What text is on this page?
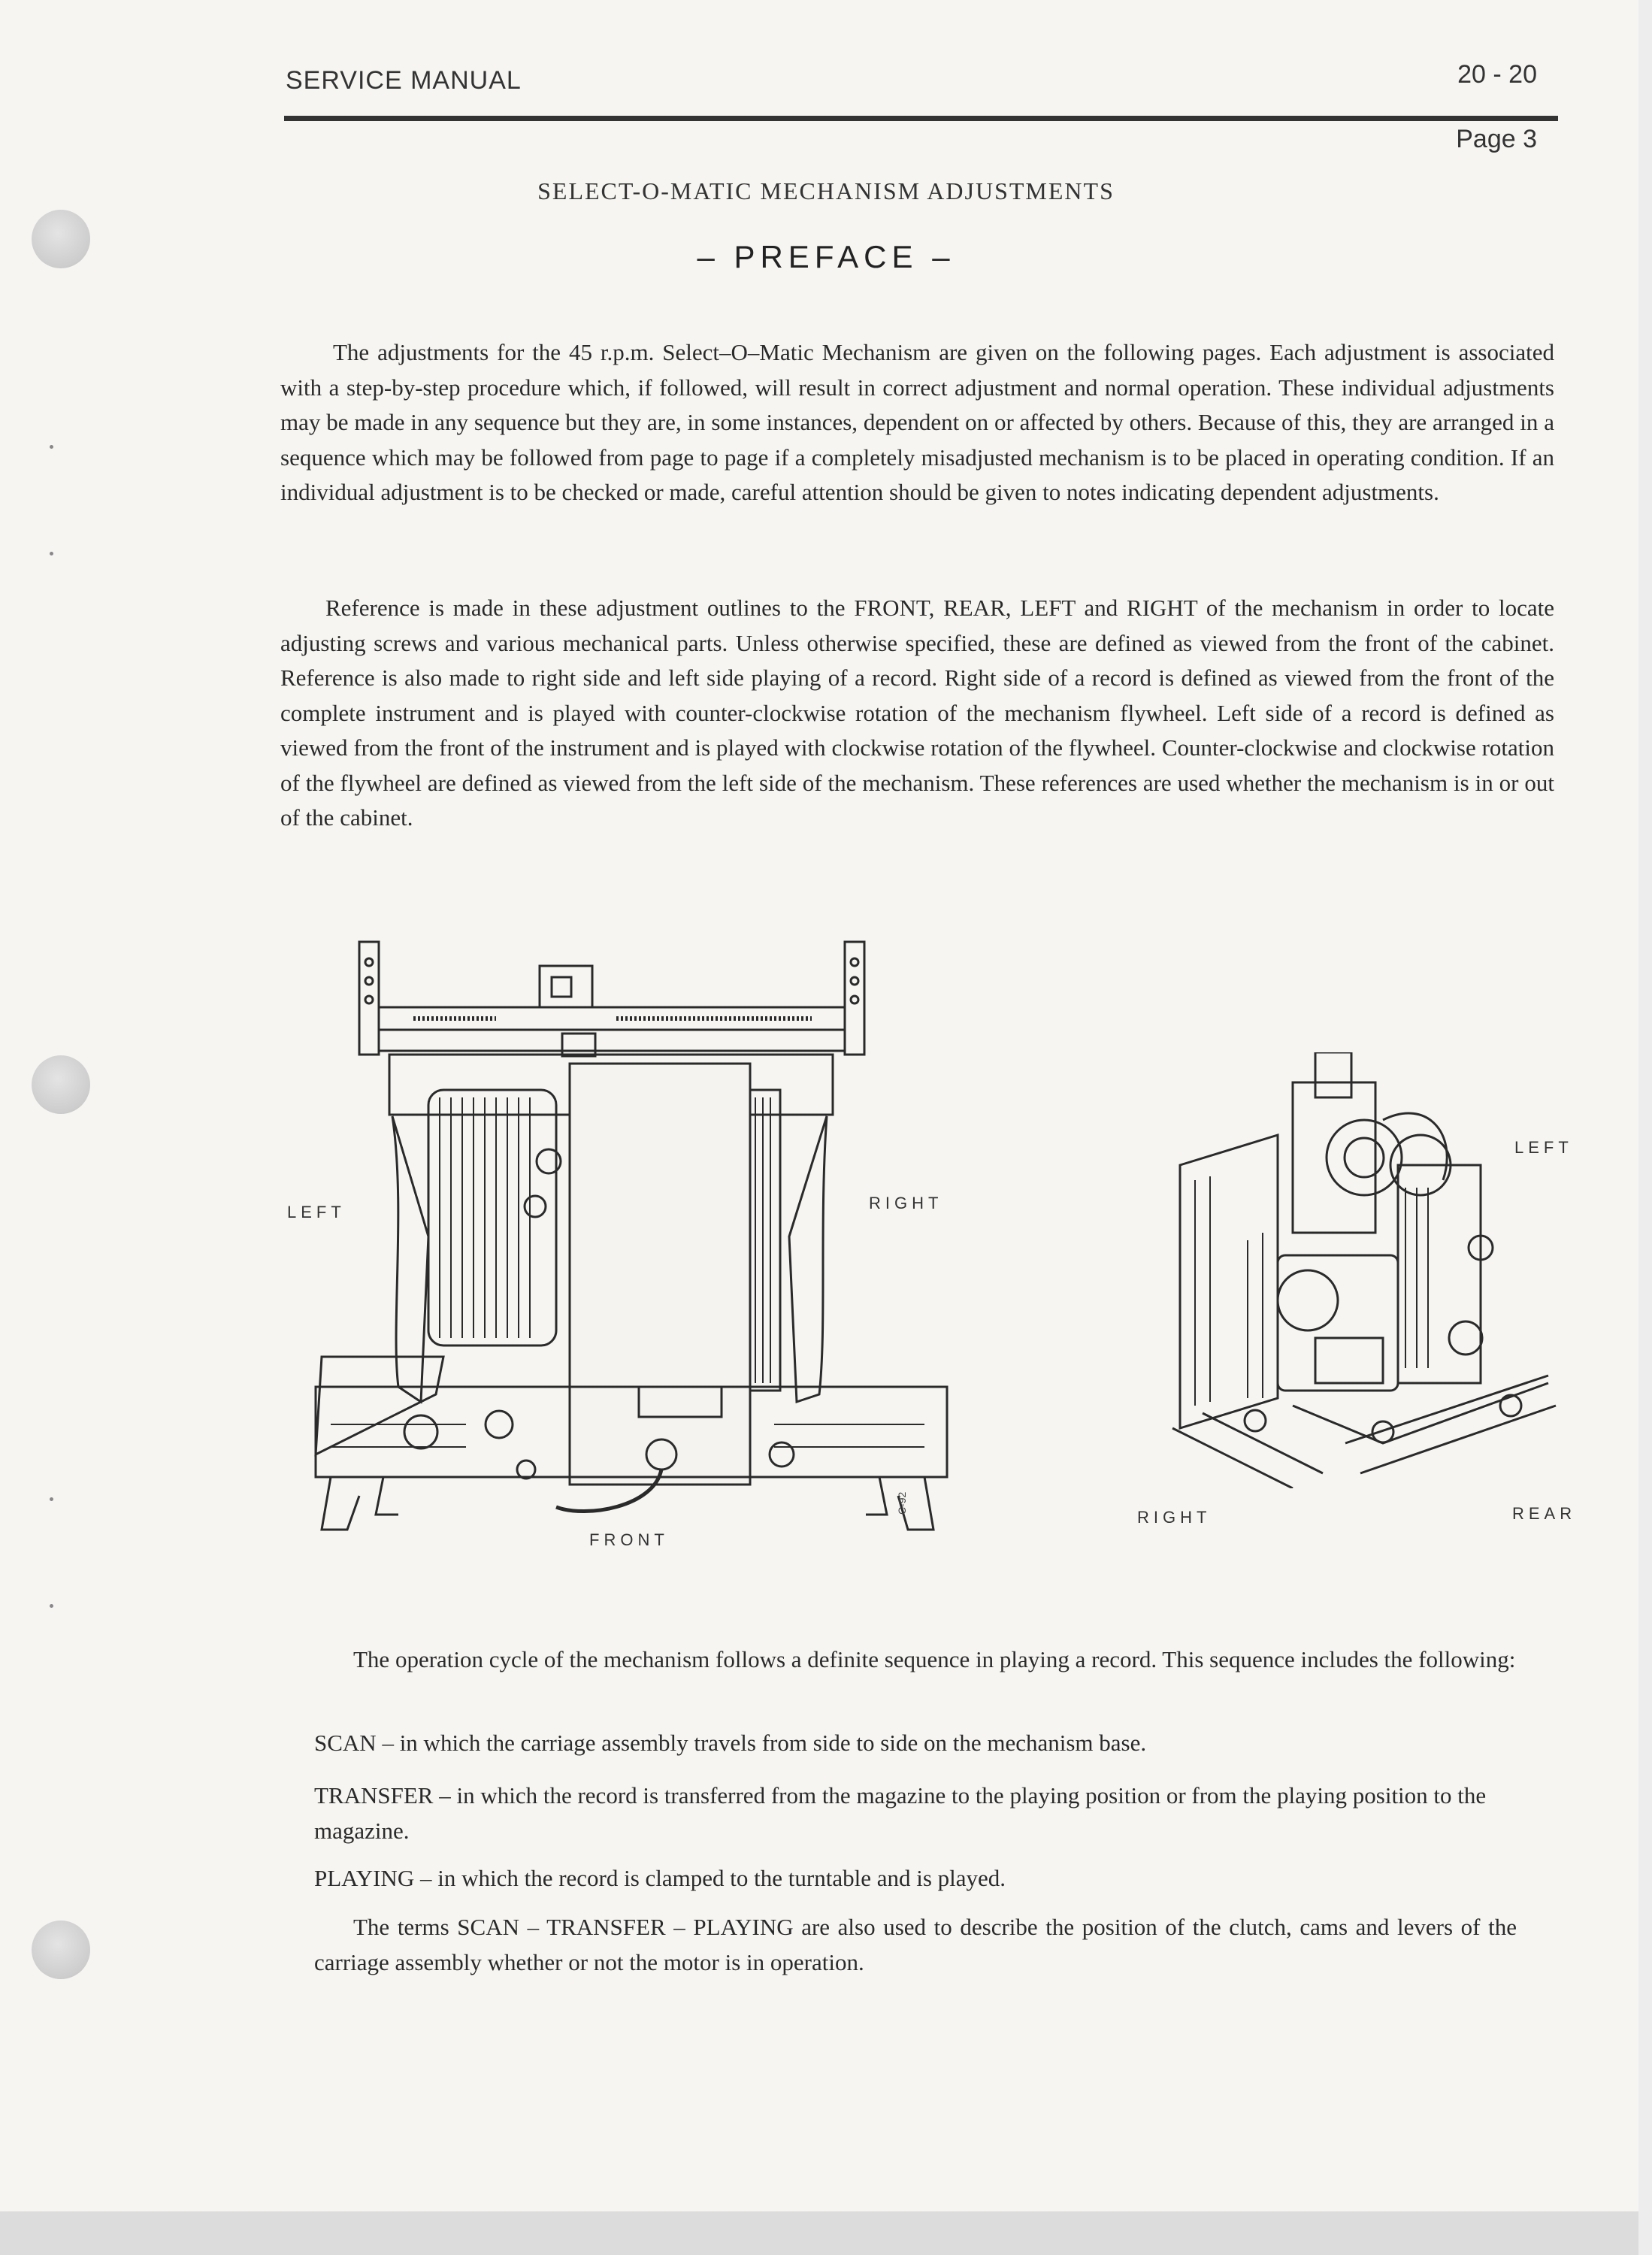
SERVICE MANUAL	20 - 20
Page 3
SELECT-O-MATIC MECHANISM ADJUSTMENTS
– PREFACE –

The adjustments for the 45 r.p.m. Select–O–Matic Mechanism are given on the following pages. Each adjustment is associated with a step-by-step procedure which, if followed, will result in correct adjustment and normal operation. These individual adjustments may be made in any sequence but they are, in some instances, dependent on or affected by others. Because of this, they are arranged in a sequence which may be followed from page to page if a completely misadjusted mechanism is to be placed in operating condition. If an individual adjustment is to be checked or made, careful attention should be given to notes indicating dependent adjustments.

Reference is made in these adjustment outlines to the FRONT, REAR, LEFT and RIGHT of the mechanism in order to locate adjusting screws and various mechanical parts. Unless otherwise specified, these are defined as viewed from the front of the cabinet. Reference is also made to right side and left side playing of a record. Right side of a record is defined as viewed from the front of the complete instrument and is played with counter-clockwise rotation of the mechanism flywheel. Left side of a record is defined as viewed from the front of the instrument and is played with clockwise rotation of the flywheel. Counter-clockwise and clockwise rotation of the flywheel are defined as viewed from the left side of the mechanism. These references are used whether the mechanism is in or out of the cabinet.

C-92
LEFT	RIGHT
FRONT
LEFT
RIGHT	REAR

The operation cycle of the mechanism follows a definite sequence in playing a record. This sequence includes the following:

SCAN – in which the carriage assembly travels from side to side on the mechanism base.

TRANSFER – in which the record is transferred from the magazine to the playing position or from the playing position to the magazine.

PLAYING – in which the record is clamped to the turntable and is played.

The terms SCAN – TRANSFER – PLAYING are also used to describe the position of the clutch, cams and levers of the carriage assembly whether or not the motor is in operation.
